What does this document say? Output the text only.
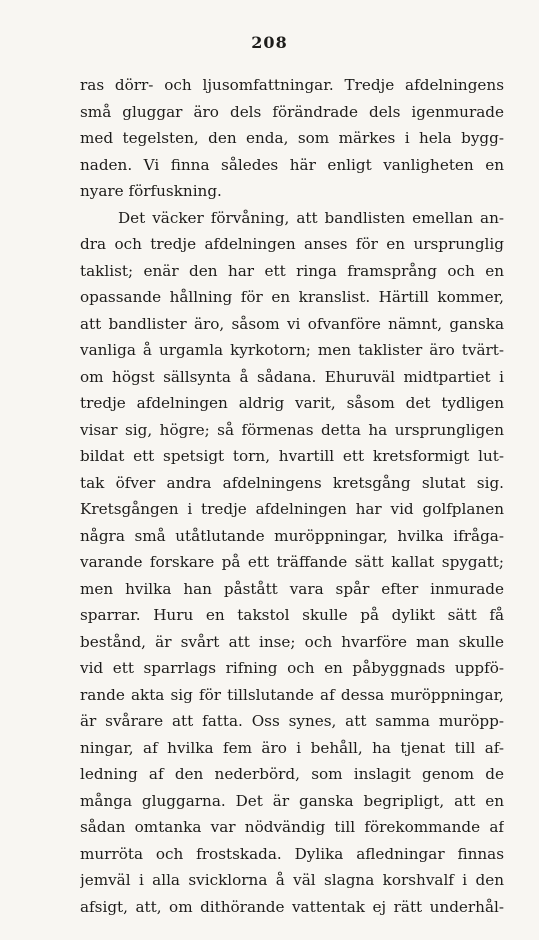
208
ras dörr- och ljusomfattningar. Tredje afdelningens
små gluggar äro dels förändrade dels igenmurade
med tegelsten, den enda, som märkes i hela bygg-
naden. Vi finna således här enligt vanligheten en
nyare förfuskning.
Det väcker förvåning, att bandlisten emellan an-
dra och tredje afdelningen anses för en ursprunglig
taklist; enär den har ett ringa framsprång och en
opassande hållning för en kranslist. Härtill kommer,
att bandlister äro, såsom vi ofvanföre nämnt, ganska
vanliga å urgamla kyrkotorn; men taklister äro tvärt-
om högst sällsynta å sådana. Ehuruväl midtpartiet i
tredje afdelningen aldrig varit, såsom det tydligen
visar sig, högre; så förmenas detta ha ursprungligen
bildat ett spetsigt torn, hvartill ett kretsformigt lut-
tak öfver andra afdelningens kretsgång slutat sig.
Kretsgången i tredje afdelningen har vid golfplanen
några små utåtlutande muröppningar, hvilka ifråga-
varande forskare på ett träffande sätt kallat spygatt;
men hvilka han påstått vara spår efter inmurade
sparrar. Huru en takstol skulle på dylikt sätt få
bestånd, är svårt att inse; och hvarföre man skulle
vid ett sparrlags rifning och en påbyggnads uppfö-
rande akta sig för tillslutande af dessa muröppningar,
är svårare att fatta. Oss synes, att samma muröpp-
ningar, af hvilka fem äro i behåll, ha tjenat till af-
ledning af den nederbörd, som inslagit genom de
många gluggarna. Det är ganska begripligt, att en
sådan omtanka var nödvändig till förekommande af
murröta och frostskada. Dylika afledningar finnas
jemväl i alla svicklorna å väl slagna korshvalf i den
afsigt, att, om dithörande vattentak ej rätt underhål-
